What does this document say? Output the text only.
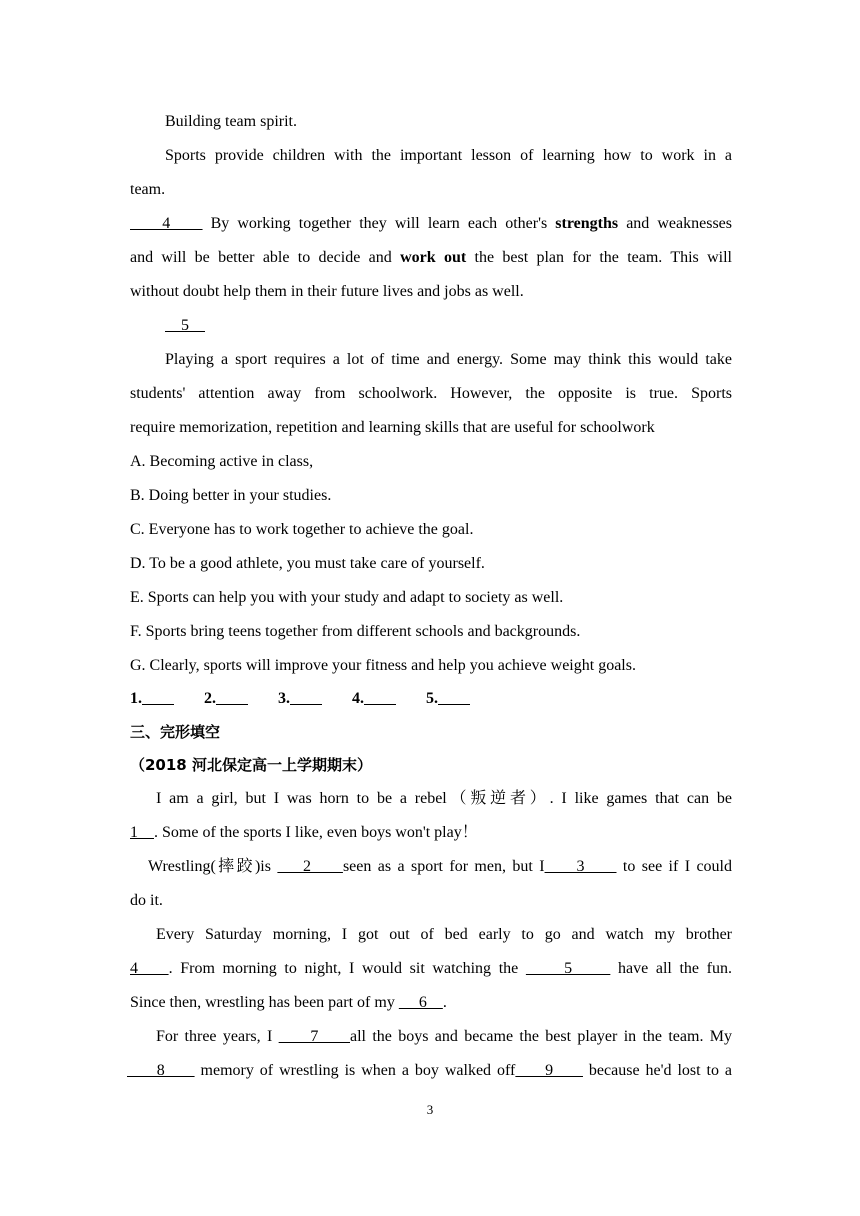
Building team spirit.
Sports provide children with the important lesson of learning how to work in a
team.
4     By working together they will learn each other's strengths and weaknesses
and will be better able to decide and work out the best plan for the team. This will
without doubt help them in their future lives and jobs as well.
5
Playing a sport requires a lot of time and energy. Some may think this would take
students' attention away from schoolwork. However, the opposite is true. Sports
require memorization, repetition and learning skills that are useful for schoolwork
A. Becoming active in class,
B. Doing better in your studies.
C. Everyone has to work together to achieve the goal.
D. To be a good athlete, you must take care of yourself.
E. Sports can help you with your study and adapt to society as well.
F. Sports bring teens together from different schools and backgrounds.
G. Clearly, sports will improve your fitness and help you achieve weight goals.
1.	2.	3.	4.	5.
三、完形填空
（2018 河北保定高一上学期期末）
I am a girl, but I was horn to be a rebel（叛逆者）. I like games that can be
1    . Some of the sports I like, even boys won't play！
Wrestling(摔跤)is     2     seen as a sport for men, but I     3      to see if I could
do it.
Every Saturday morning, I got out of bed early to go and watch my brother
4    . From morning to night, I would sit watching the      5      have all the fun.
Since then, wrestling has been part of my      6    .
For three years, I      7     all the boys and became the best player in the team. My
8      memory of wrestling is when a boy walked off     9      because he'd lost to a
3
